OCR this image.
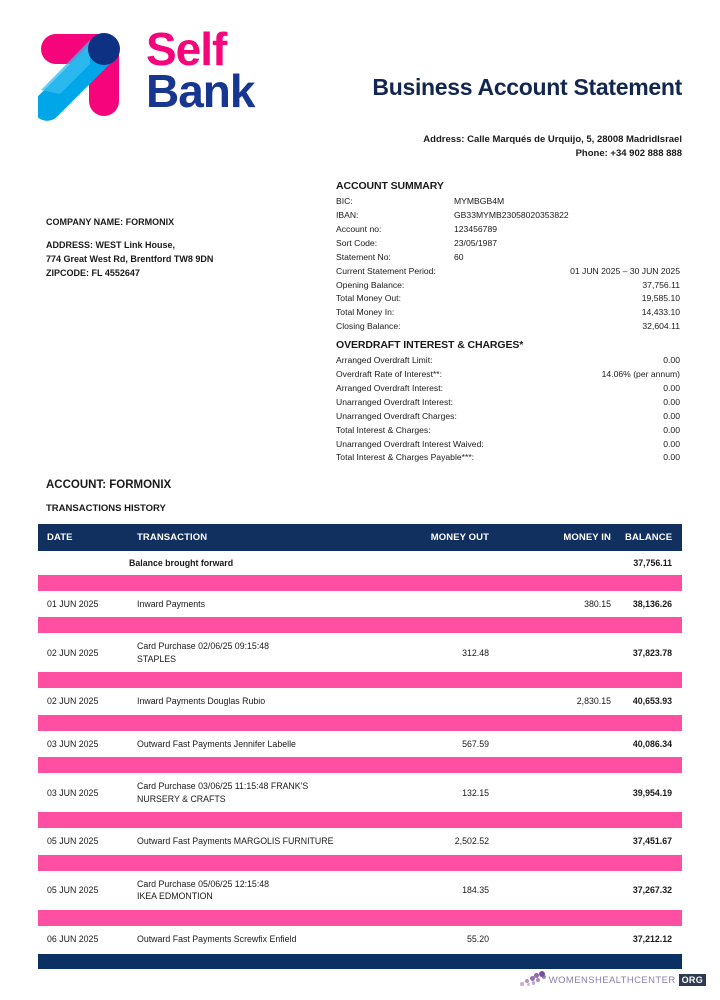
Self
Bank	Business Account Statement
Address: Calle Marqués de Urquijo, 5, 28008 MadridIsrael
Phone: +34 902 888 888
COMPANY NAME: FORMONIX
ADDRESS: WEST Link House,
774 Great West Rd, Brentford TW8 9DN
ZIPCODE: FL 4552647
ACCOUNT SUMMARY
BIC:	MYMBGB4M
IBAN:	GB33MYMB23058020353822
Account no:	123456789
Sort Code:	23/05/1987
Statement No:	60
Current Statement Period:	01 JUN 2025 – 30 JUN 2025
Opening Balance:	37,756.11
Total Money Out:	19,585.10
Total Money In:	14,433.10
Closing Balance:	32,604.11
OVERDRAFT INTEREST & CHARGES*
Arranged Overdraft Limit:	0.00
Overdraft Rate of Interest**:	14.06% (per annum)
Arranged Overdraft Interest:	0.00
Unarranged Overdraft Interest:	0.00
Unarranged Overdraft Charges:	0.00
Total Interest & Charges:	0.00
Unarranged Overdraft Interest Waived:	0.00
Total Interest & Charges Payable***:	0.00
ACCOUNT: FORMONIX
TRANSACTIONS HISTORY
DATE	TRANSACTION	MONEY OUT	MONEY IN	BALANCE
	Balance brought forward			37,756.11

01 JUN 2025	Inward Payments		380.15	38,136.26

02 JUN 2025	Card Purchase 02/06/25 09:15:48
STAPLES	312.48		37,823.78

02 JUN 2025	Inward Payments Douglas Rubio		2,830.15	40,653.93

03 JUN 2025	Outward Fast Payments Jennifer Labelle	567.59		40,086.34

03 JUN 2025	Card Purchase 03/06/25 11:15:48 FRANK'S
NURSERY & CRAFTS	132.15		39,954.19

05 JUN 2025	Outward Fast Payments MARGOLIS FURNITURE	2,502.52		37,451.67

05 JUN 2025	Card Purchase 05/06/25 12:15:48
IKEA EDMONTION	184.35		37,267.32

06 JUN 2025	Outward Fast Payments Screwfix Enfield	55.20		37,212.12
WOMENSHEALTHCENTER ORG
